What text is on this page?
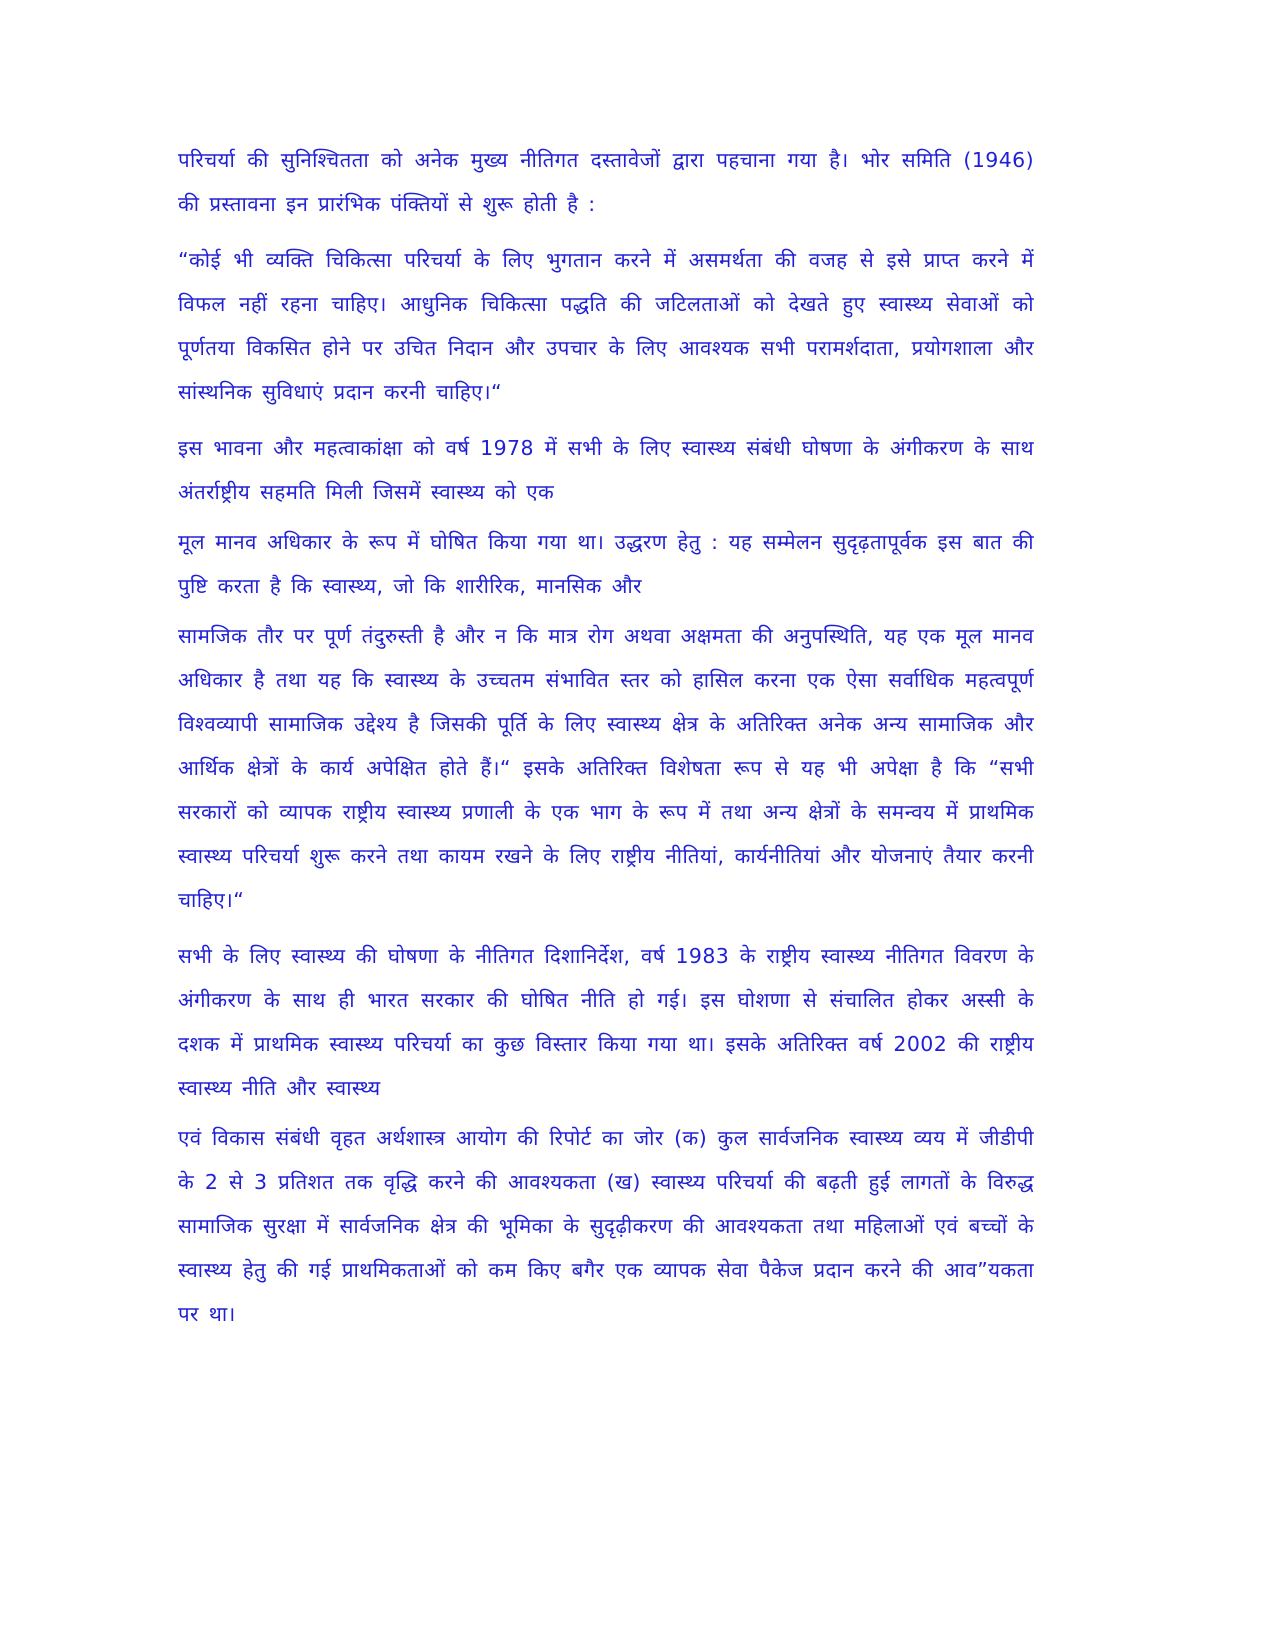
परिचर्या की सुनिश्चितता को अनेक मुख्य नीतिगत दस्तावेजों द्वारा पहचाना गया है। भोर समिति (1946) की प्रस्तावना इन प्रारंभिक पंक्तियों से शुरू होती है :

“कोई भी व्यक्ति चिकित्सा परिचर्या के लिए भुगतान करने में असमर्थता की वजह से इसे प्राप्त करने में विफल नहीं रहना चाहिए। आधुनिक चिकित्सा पद्धति की जटिलताओं को देखते हुए स्वास्थ्य सेवाओं को पूर्णतया विकसित होने पर उचित निदान और उपचार के लिए आवश्यक सभी परामर्शदाता, प्रयोगशाला और सांस्थनिक सुविधाएं प्रदान करनी चाहिए।“

इस भावना और महत्वाकांक्षा को वर्ष 1978 में सभी के लिए स्वास्थ्य संबंधी घोषणा के अंगीकरण के साथ अंतर्राष्ट्रीय सहमति मिली जिसमें स्वास्थ्य को एक

मूल मानव अधिकार के रूप में घोषित किया गया था। उद्धरण हेतु : यह सम्मेलन सुदृढ़तापूर्वक इस बात की पुष्टि करता है कि स्वास्थ्य, जो कि शारीरिक, मानसिक और

सामजिक तौर पर पूर्ण तंदुरुस्ती है और न कि मात्र रोग अथवा अक्षमता की अनुपस्थिति, यह एक मूल मानव अधिकार है तथा यह कि स्वास्थ्य के उच्चतम संभावित स्तर को हासिल करना एक ऐसा सर्वाधिक महत्वपूर्ण विश्वव्यापी सामाजिक उद्देश्य है जिसकी पूर्ति के लिए स्वास्थ्य क्षेत्र के अतिरिक्त अनेक अन्य सामाजिक और आर्थिक क्षेत्रों के कार्य अपेक्षित होते हैं।“ इसके अतिरिक्त विशेषता रूप से यह भी अपेक्षा है कि “सभी सरकारों को व्यापक राष्ट्रीय स्वास्थ्य प्रणाली के एक भाग के रूप में तथा अन्य क्षेत्रों के समन्वय में प्राथमिक स्वास्थ्य परिचर्या शुरू करने तथा कायम रखने के लिए राष्ट्रीय नीतियां, कार्यनीतियां और योजनाएं तैयार करनी चाहिए।“

सभी के लिए स्वास्थ्य की घोषणा के नीतिगत दिशानिर्देश, वर्ष 1983 के राष्ट्रीय स्वास्थ्य नीतिगत विवरण के अंगीकरण के साथ ही भारत सरकार की घोषित नीति हो गई। इस घोशणा से संचालित होकर अस्सी के दशक में प्राथमिक स्वास्थ्य परिचर्या का कुछ विस्तार किया गया था। इसके अतिरिक्त वर्ष 2002 की राष्ट्रीय स्वास्थ्य नीति और स्वास्थ्य

एवं विकास संबंधी वृहत अर्थशास्त्र आयोग की रिपोर्ट का जोर (क) कुल सार्वजनिक स्वास्थ्य व्यय में जीडीपी के 2 से 3 प्रतिशत तक वृद्धि करने की आवश्यकता (ख) स्वास्थ्य परिचर्या की बढ़ती हुई लागतों के विरुद्ध सामाजिक सुरक्षा में सार्वजनिक क्षेत्र की भूमिका के सुदृढ़ीकरण की आवश्यकता तथा महिलाओं एवं बच्चों के स्वास्थ्य हेतु की गई प्राथमिकताओं को कम किए बगैर एक व्यापक सेवा पैकेज प्रदान करने की आव”यकता पर था।
